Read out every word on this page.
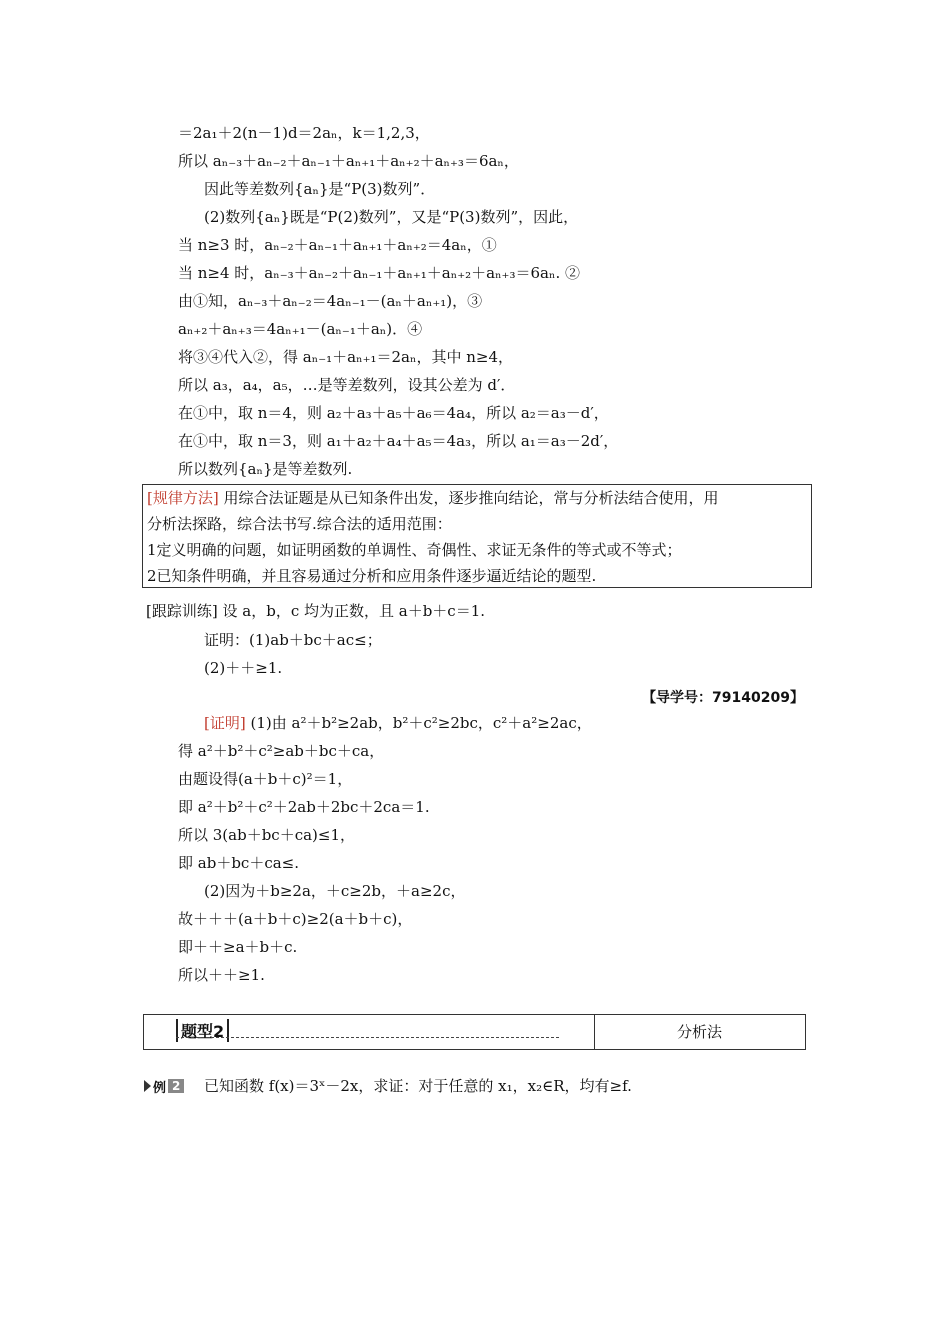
＝2a₁＋2(n－1)d＝2aₙ，k＝1,2,3，
所以 aₙ₋₃＋aₙ₋₂＋aₙ₋₁＋aₙ₊₁＋aₙ₊₂＋aₙ₊₃＝6aₙ，
因此等差数列{aₙ}是“P(3)数列”．
(2)数列{aₙ}既是“P(2)数列”，又是“P(3)数列”，因此，
当 n≥3 时，aₙ₋₂＋aₙ₋₁＋aₙ₊₁＋aₙ₊₂＝4aₙ，①
当 n≥4 时，aₙ₋₃＋aₙ₋₂＋aₙ₋₁＋aₙ₊₁＋aₙ₊₂＋aₙ₊₃＝6aₙ. ②
由①知，aₙ₋₃＋aₙ₋₂＝4aₙ₋₁－(aₙ＋aₙ₊₁)，③
aₙ₊₂＋aₙ₊₃＝4aₙ₊₁－(aₙ₋₁＋aₙ)．④
将③④代入②，得 aₙ₋₁＋aₙ₊₁＝2aₙ，其中 n≥4，
所以 a₃，a₄，a₅，…是等差数列，设其公差为 d′．
在①中，取 n＝4，则 a₂＋a₃＋a₅＋a₆＝4a₄，所以 a₂＝a₃－d′，
在①中，取 n＝3，则 a₁＋a₂＋a₄＋a₅＝4a₃，所以 a₁＝a₃－2d′，
所以数列{aₙ}是等差数列.
[规律方法] 用综合法证题是从已知条件出发，逐步推向结论，常与分析法结合使用，用
分析法探路，综合法书写.综合法的适用范围：
1定义明确的问题，如证明函数的单调性、奇偶性、求证无条件的等式或不等式；
2已知条件明确，并且容易通过分析和应用条件逐步逼近结论的题型.
[跟踪训练] 设 a，b，c 均为正数，且 a＋b＋c＝1.
证明：(1)ab＋bc＋ac≤；
(2)＋＋≥1.
【导学号：79140209】
[证明] (1)由 a²＋b²≥2ab，b²＋c²≥2bc，c²＋a²≥2ac，
得 a²＋b²＋c²≥ab＋bc＋ca，
由题设得(a＋b＋c)²＝1，
即 a²＋b²＋c²＋2ab＋2bc＋2ca＝1.
所以 3(ab＋bc＋ca)≤1，
即 ab＋bc＋ca≤.
(2)因为＋b≥2a，＋c≥2b，＋a≥2c，
故＋＋＋(a＋b＋c)≥2(a＋b＋c)，
即＋＋≥a＋b＋c.
所以＋＋≥1.
题型2	分析法
例 2 已知函数 f(x)＝3ˣ－2x，求证：对于任意的 x₁，x₂∈R，均有≥f.
